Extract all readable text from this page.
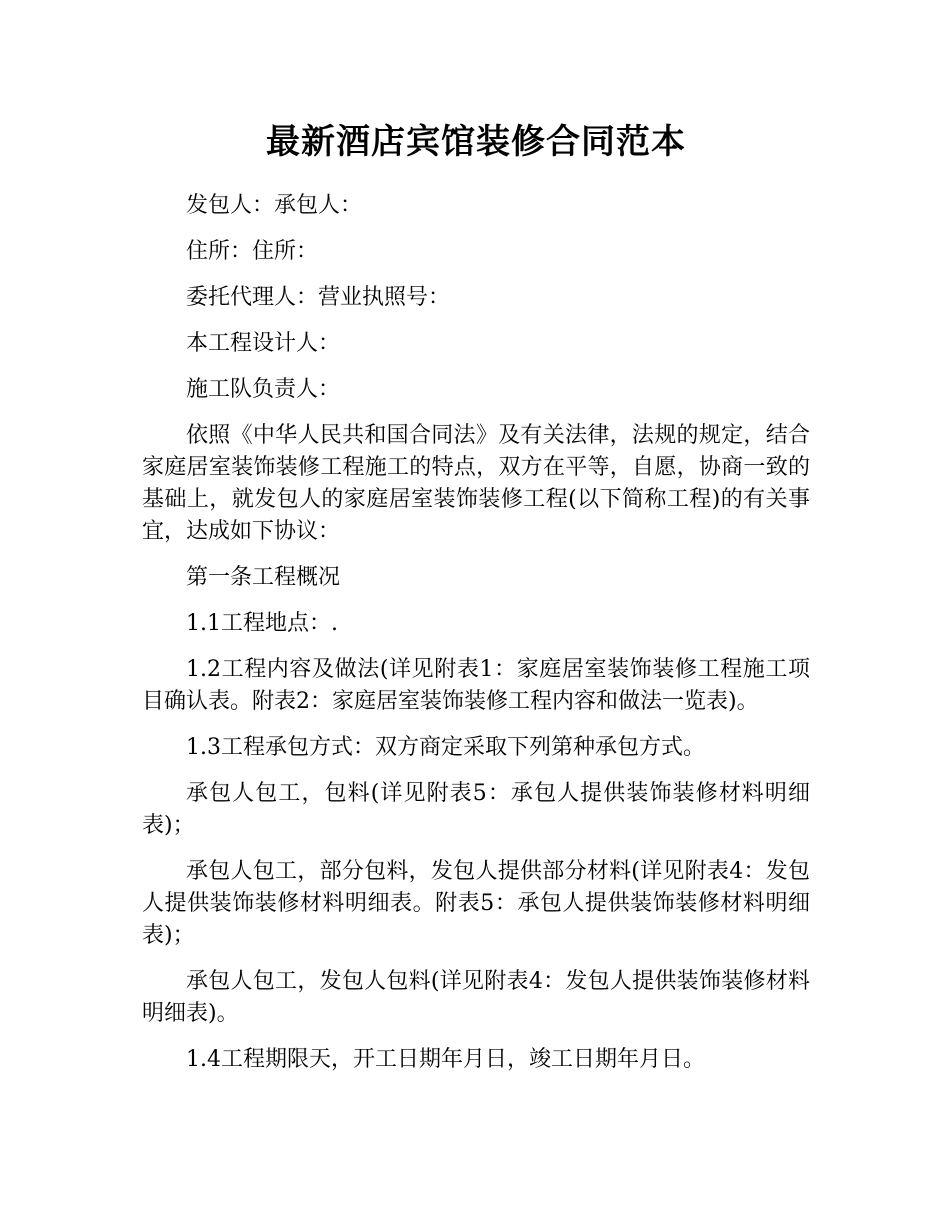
最新酒店宾馆装修合同范本

发包人：承包人：

住所：住所：

委托代理人：营业执照号：

本工程设计人：

施工队负责人：

依照《中华人民共和国合同法》及有关法律，法规的规定，结合家庭居室装饰装修工程施工的特点，双方在平等，自愿，协商一致的基础上，就发包人的家庭居室装饰装修工程(以下简称工程)的有关事宜，达成如下协议：

第一条工程概况

1.1工程地点：.

1.2工程内容及做法(详见附表1：家庭居室装饰装修工程施工项目确认表。附表2：家庭居室装饰装修工程内容和做法一览表)。

1.3工程承包方式：双方商定采取下列第种承包方式。

承包人包工，包料(详见附表5：承包人提供装饰装修材料明细表)；

承包人包工，部分包料，发包人提供部分材料(详见附表4：发包人提供装饰装修材料明细表。附表5：承包人提供装饰装修材料明细表)；

承包人包工，发包人包料(详见附表4：发包人提供装饰装修材料明细表)。

1.4工程期限天，开工日期年月日，竣工日期年月日。
